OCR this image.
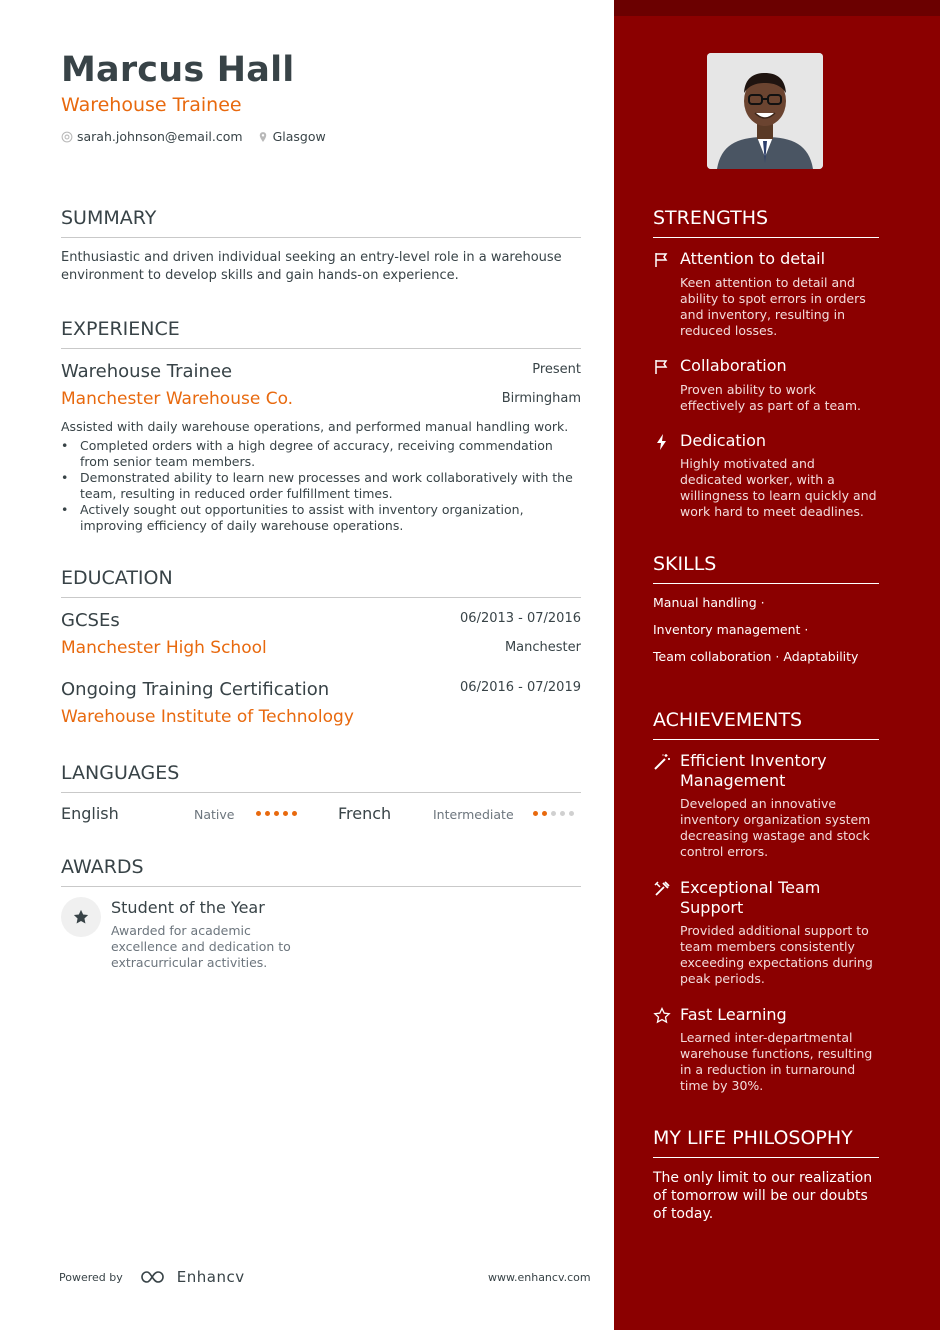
Marcus Hall
Warehouse Trainee
sarah.johnson@email.com Glasgow
SUMMARY
Enthusiastic and driven individual seeking an entry-level role in a warehouse environment to develop skills and gain hands-on experience.
EXPERIENCE
Warehouse Trainee	Present
Manchester Warehouse Co.	Birmingham
Assisted with daily warehouse operations, and performed manual handling work.
• Completed orders with a high degree of accuracy, receiving commendation from senior team members.
• Demonstrated ability to learn new processes and work collaboratively with the team, resulting in reduced order fulfillment times.
• Actively sought out opportunities to assist with inventory organization, improving efficiency of daily warehouse operations.
EDUCATION
GCSEs	06/2013 - 07/2016
Manchester High School	Manchester
Ongoing Training Certification	06/2016 - 07/2019
Warehouse Institute of Technology
LANGUAGES
English	Native	French	Intermediate
AWARDS
Student of the Year
Awarded for academic excellence and dedication to extracurricular activities.
Powered by	Enhancv	www.enhancv.com
STRENGTHS
Attention to detail
Keen attention to detail and ability to spot errors in orders and inventory, resulting in reduced losses.
Collaboration
Proven ability to work effectively as part of a team.
Dedication
Highly motivated and dedicated worker, with a willingness to learn quickly and work hard to meet deadlines.
SKILLS
Manual handling ·
Inventory management ·
Team collaboration · Adaptability
ACHIEVEMENTS
Efficient Inventory Management
Developed an innovative inventory organization system decreasing wastage and stock control errors.
Exceptional Team Support
Provided additional support to team members consistently exceeding expectations during peak periods.
Fast Learning
Learned inter-departmental warehouse functions, resulting in a reduction in turnaround time by 30%.
MY LIFE PHILOSOPHY
The only limit to our realization of tomorrow will be our doubts of today.
